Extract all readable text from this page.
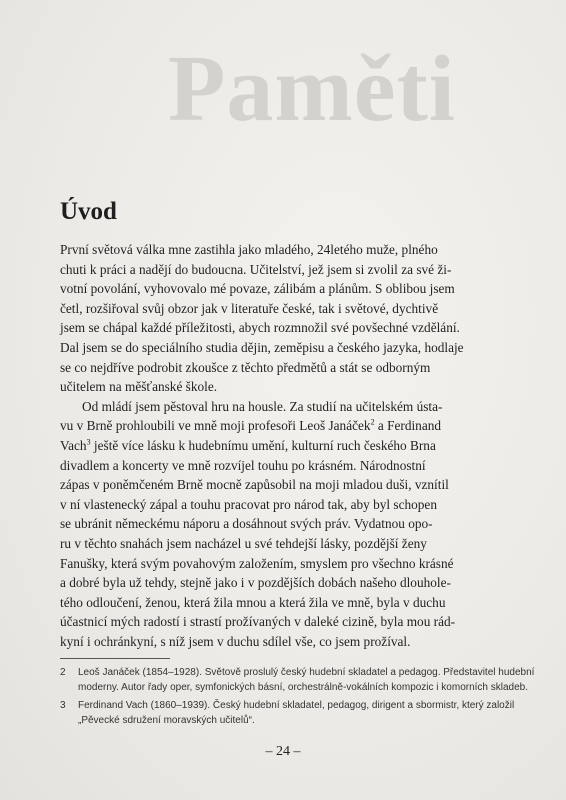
Paměti
Úvod

První světová válka mne zastihla jako mladého, 24letého muže, plného
chuti k práci a nadějí do budoucna. Učitelství, jež jsem si zvolil za své ži-
votní povolání, vyhovovalo mé povaze, zálibám a plánům. S oblibou jsem
četl, rozšiřoval svůj obzor jak v literatuře české, tak i světové, dychtivě
jsem se chápal každé příležitosti, abych rozmnožil své povšechné vzdělání.
Dal jsem se do speciálního studia dějin, zeměpisu a českého jazyka, hodlaje
se co nejdříve podrobit zkoušce z těchto předmětů a stát se odborným
učitelem na měšťanské škole.

Od mládí jsem pěstoval hru na housle. Za studií na učitelském ústa-
vu v Brně prohloubili ve mně moji profesoři Leoš Janáček$^2$ a Ferdinand
Vach$^3$ ještě více lásku k hudebnímu umění, kulturní ruch českého Brna
divadlem a koncerty ve mně rozvíjel touhu po krásném. Národnostní
zápas v poněmčeném Brně mocně zapůsobil na moji mladou duši, vznítil
v ní vlastenecký zápal a touhu pracovat pro národ tak, aby byl schopen
se ubránit německému náporu a dosáhnout svých práv. Vydatnou opo-
ru v těchto snahách jsem nacházel u své tehdejší lásky, pozdější ženy
Fanušky, která svým povahovým založením, smyslem pro všechno krásné
a dobré byla už tehdy, stejně jako i v pozdějších dobách našeho dlouhole-
tého odloučení, ženou, která žila mnou a která žila ve mně, byla v duchu
účastnicí mých radostí i strastí prožívaných v daleké cizině, byla mou rád-
kyní i ochránkyní, s níž jsem v duchu sdílel vše, co jsem prožíval.

2	Leoš Janáček (1854–1928). Světově proslulý český hudební skladatel a pedagog. Představitel hudební
moderny. Autor řady oper, symfonických básní, orchestrálně-vokálních kompozic i komorních skladeb.
3	Ferdinand Vach (1860–1939). Český hudební skladatel, pedagog, dirigent a sbormistr, který založil
„Pěvecké sdružení moravských učitelů“.
– 24 –
